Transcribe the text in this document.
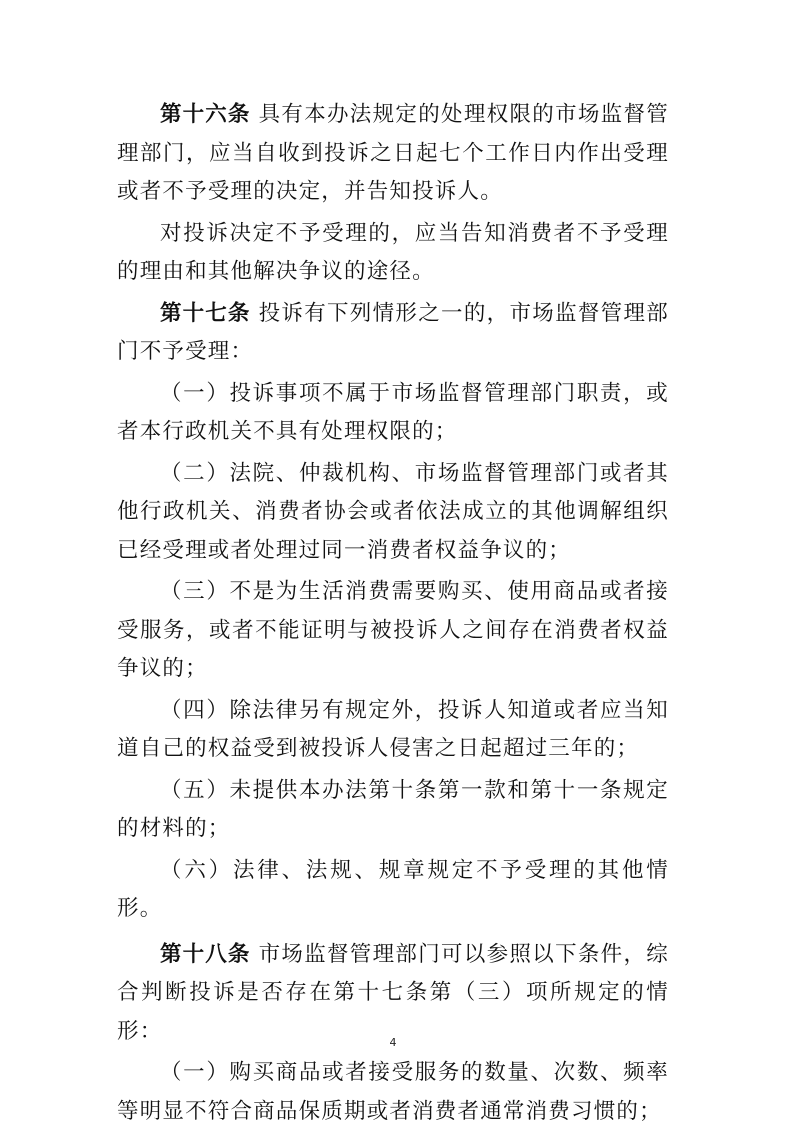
第十六条 具有本办法规定的处理权限的市场监督管理部门，应当自收到投诉之日起七个工作日内作出受理或者不予受理的决定，并告知投诉人。

对投诉决定不予受理的，应当告知消费者不予受理的理由和其他解决争议的途径。

第十七条 投诉有下列情形之一的，市场监督管理部门不予受理：

（一）投诉事项不属于市场监督管理部门职责，或者本行政机关不具有处理权限的；

（二）法院、仲裁机构、市场监督管理部门或者其他行政机关、消费者协会或者依法成立的其他调解组织已经受理或者处理过同一消费者权益争议的；

（三）不是为生活消费需要购买、使用商品或者接受服务，或者不能证明与被投诉人之间存在消费者权益争议的；

（四）除法律另有规定外，投诉人知道或者应当知道自己的权益受到被投诉人侵害之日起超过三年的；

（五）未提供本办法第十条第一款和第十一条规定的材料的；

（六）法律、法规、规章规定不予受理的其他情形。

第十八条 市场监督管理部门可以参照以下条件，综合判断投诉是否存在第十七条第（三）项所规定的情形：

（一）购买商品或者接受服务的数量、次数、频率等明显不符合商品保质期或者消费者通常消费习惯的；

4
